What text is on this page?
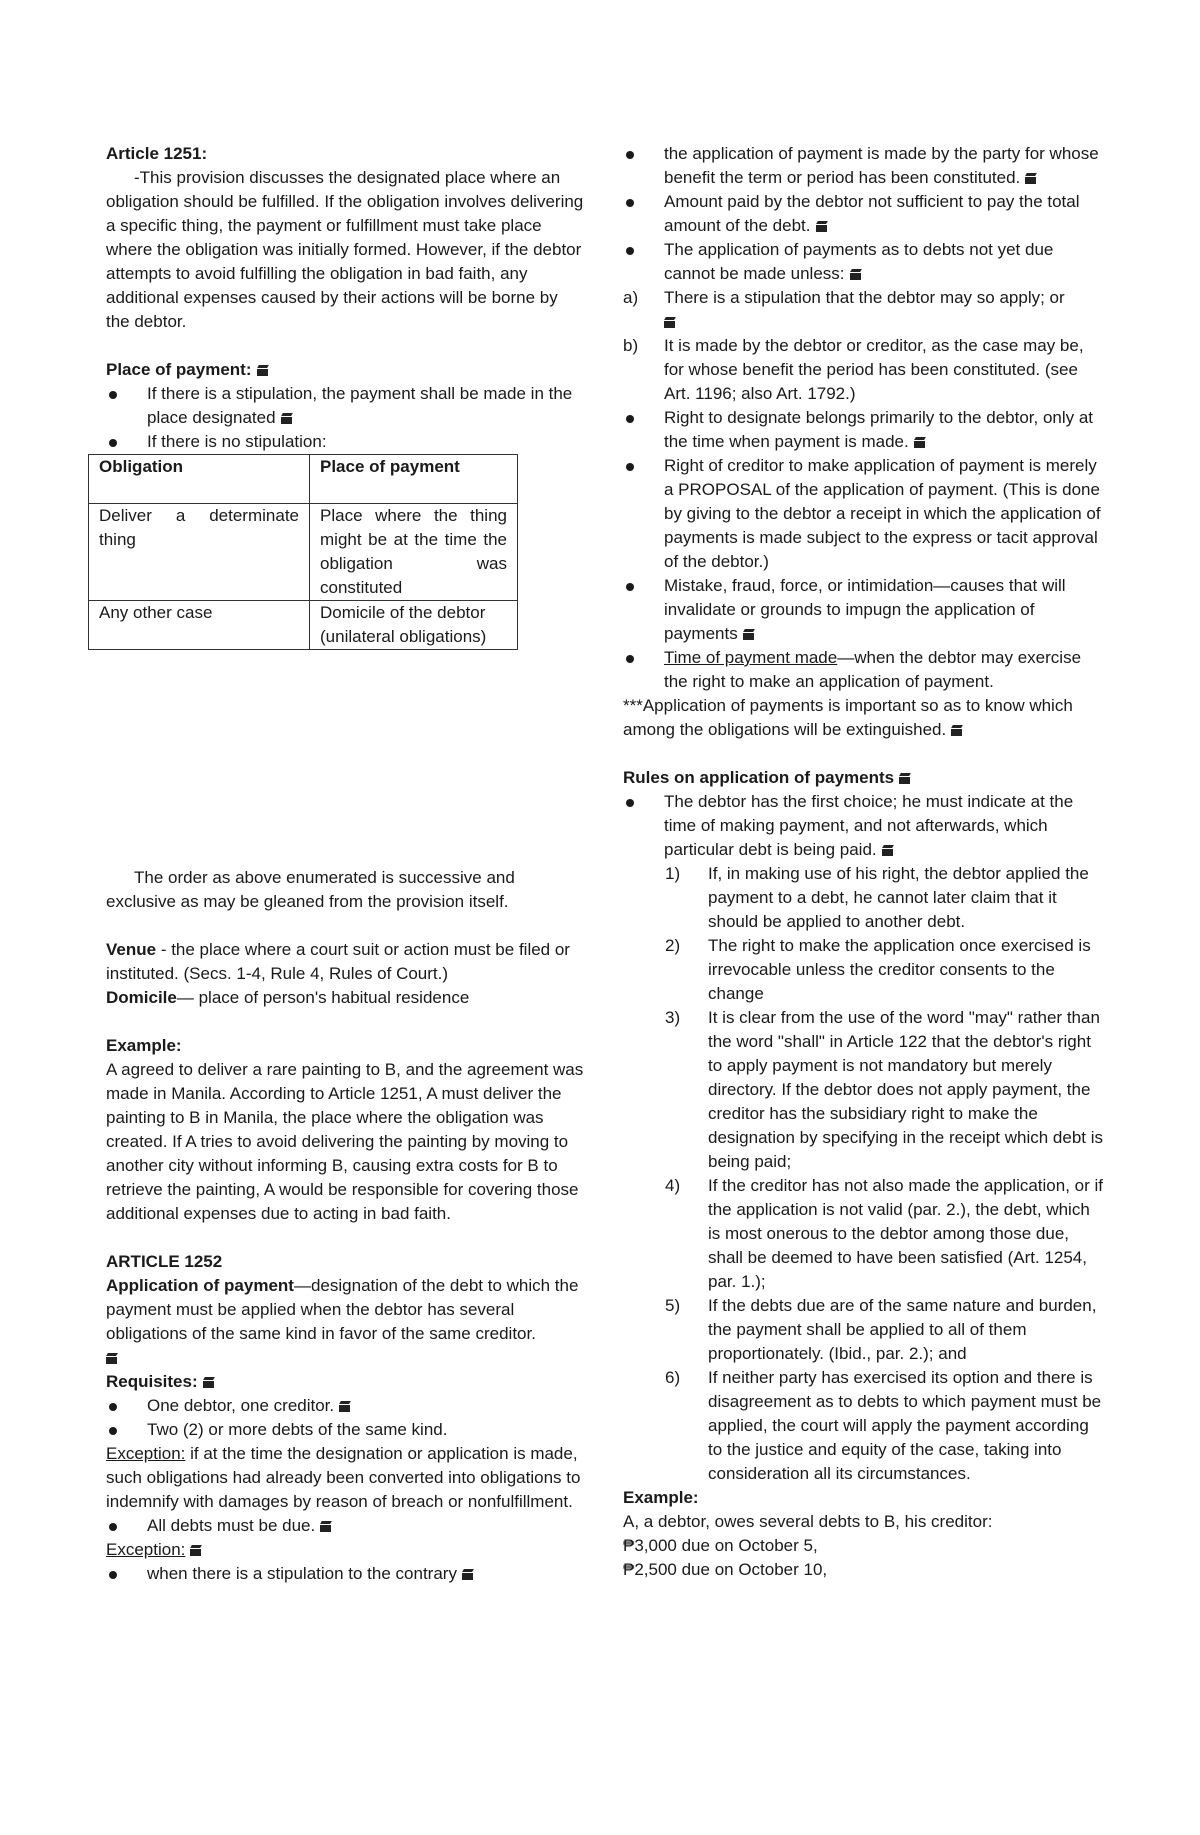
Article 1251:

-This provision discusses the designated place where an obligation should be fulfilled. If the obligation involves delivering a specific thing, the payment or fulfillment must take place where the obligation was initially formed. However, if the debtor attempts to avoid fulfilling the obligation in bad faith, any additional expenses caused by their actions will be borne by the debtor.

Place of payment:

If there is a stipulation, the payment shall be made in the place designated
If there is no stipulation:
Obligation	Place of payment
Deliver a determinate thing	Place where the thing might be at the time the obligation was constituted
Any other case	Domicile of the debtor (unilateral obligations)

The order as above enumerated is successive and exclusive as may be gleaned from the provision itself.

Venue - the place where a court suit or action must be filed or instituted. (Secs. 1-4, Rule 4, Rules of Court.)

Domicile— place of person's habitual residence

Example:

A agreed to deliver a rare painting to B, and the agreement was made in Manila. According to Article 1251, A must deliver the painting to B in Manila, the place where the obligation was created. If A tries to avoid delivering the painting by moving to another city without informing B, causing extra costs for B to retrieve the painting, A would be responsible for covering those additional expenses due to acting in bad faith.

ARTICLE 1252

Application of payment—designation of the debt to which the payment must be applied when the debtor has several obligations of the same kind in favor of the same creditor.

Requisites:

One debtor, one creditor.
Two (2) or more debts of the same kind.

Exception: if at the time the designation or application is made, such obligations had already been converted into obligations to indemnify with damages by reason of breach or nonfulfillment.

All debts must be due.

Exception:

when there is a stipulation to the contrary
the application of payment is made by the party for whose benefit the term or period has been constituted.
Amount paid by the debtor not sufficient to pay the total amount of the debt.
The application of payments as to debts not yet due cannot be made unless:
a)	There is a stipulation that the debtor may so apply; or

b)	It is made by the debtor or creditor, as the case may be, for whose benefit the period has been constituted. (see Art. 1196; also Art. 1792.)
Right to designate belongs primarily to the debtor, only at the time when payment is made.
Right of creditor to make application of payment is merely a PROPOSAL of the application of payment. (This is done by giving to the debtor a receipt in which the application of payments is made subject to the express or tacit approval of the debtor.)
Mistake, fraud, force, or intimidation—causes that will invalidate or grounds to impugn the application of payments
Time of payment made—when the debtor may exercise the right to make an application of payment.

***Application of payments is important so as to know which among the obligations will be extinguished.

Rules on application of payments

The debtor has the first choice; he must indicate at the time of making payment, and not afterwards, which particular debt is being paid.
1)	If, in making use of his right, the debtor applied the payment to a debt, he cannot later claim that it should be applied to another debt.
2)	The right to make the application once exercised is irrevocable unless the creditor consents to the change
3)	It is clear from the use of the word "may" rather than the word "shall" in Article 122 that the debtor's right to apply payment is not mandatory but merely directory. If the debtor does not apply payment, the creditor has the subsidiary right to make the designation by specifying in the receipt which debt is being paid;
4)	If the creditor has not also made the application, or if the application is not valid (par. 2.), the debt, which is most onerous to the debtor among those due, shall be deemed to have been satisfied (Art. 1254, par. 1.);
5)	If the debts due are of the same nature and burden, the payment shall be applied to all of them proportionately. (Ibid., par. 2.); and
6)	If neither party has exercised its option and there is disagreement as to debts to which payment must be applied, the court will apply the payment according to the justice and equity of the case, taking into consideration all its circumstances.

Example:

A, a debtor, owes several debts to B, his creditor:

₱3,000 due on October 5,

₱2,500 due on October 10,
